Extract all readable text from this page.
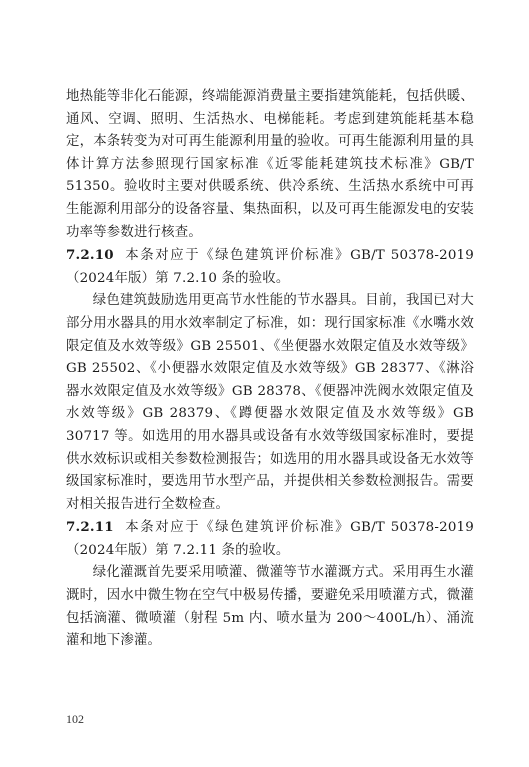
地热能等非化石能源，终端能源消费量主要指建筑能耗，包括供暖、通风、空调、照明、生活热水、电梯能耗。考虑到建筑能耗基本稳定，本条转变为对可再生能源利用量的验收。可再生能源利用量的具体计算方法参照现行国家标准《近零能耗建筑技术标准》GB/T 51350。验收时主要对供暖系统、供冷系统、生活热水系统中可再生能源利用部分的设备容量、集热面积，以及可再生能源发电的安装功率等参数进行核查。

7.2.10 本条对应于《绿色建筑评价标准》GB/T 50378-2019（2024年版）第 7.2.10 条的验收。

绿色建筑鼓励选用更高节水性能的节水器具。目前，我国已对大部分用水器具的用水效率制定了标准，如：现行国家标准《水嘴水效限定值及水效等级》GB 25501、《坐便器水效限定值及水效等级》GB 25502、《小便器水效限定值及水效等级》GB 28377、《淋浴器水效限定值及水效等级》GB 28378、《便器冲洗阀水效限定值及水效等级》GB 28379、《蹲便器水效限定值及水效等级》GB 30717 等。如选用的用水器具或设备有水效等级国家标准时，要提供水效标识或相关参数检测报告；如选用的用水器具或设备无水效等级国家标准时，要选用节水型产品，并提供相关参数检测报告。需要对相关报告进行全数检查。

7.2.11 本条对应于《绿色建筑评价标准》GB/T 50378-2019（2024年版）第 7.2.11 条的验收。

绿化灌溉首先要采用喷灌、微灌等节水灌溉方式。采用再生水灌溉时，因水中微生物在空气中极易传播，要避免采用喷灌方式，微灌包括滴灌、微喷灌（射程 5m 内、喷水量为 200～400L/h）、涌流灌和地下渗灌。

102
